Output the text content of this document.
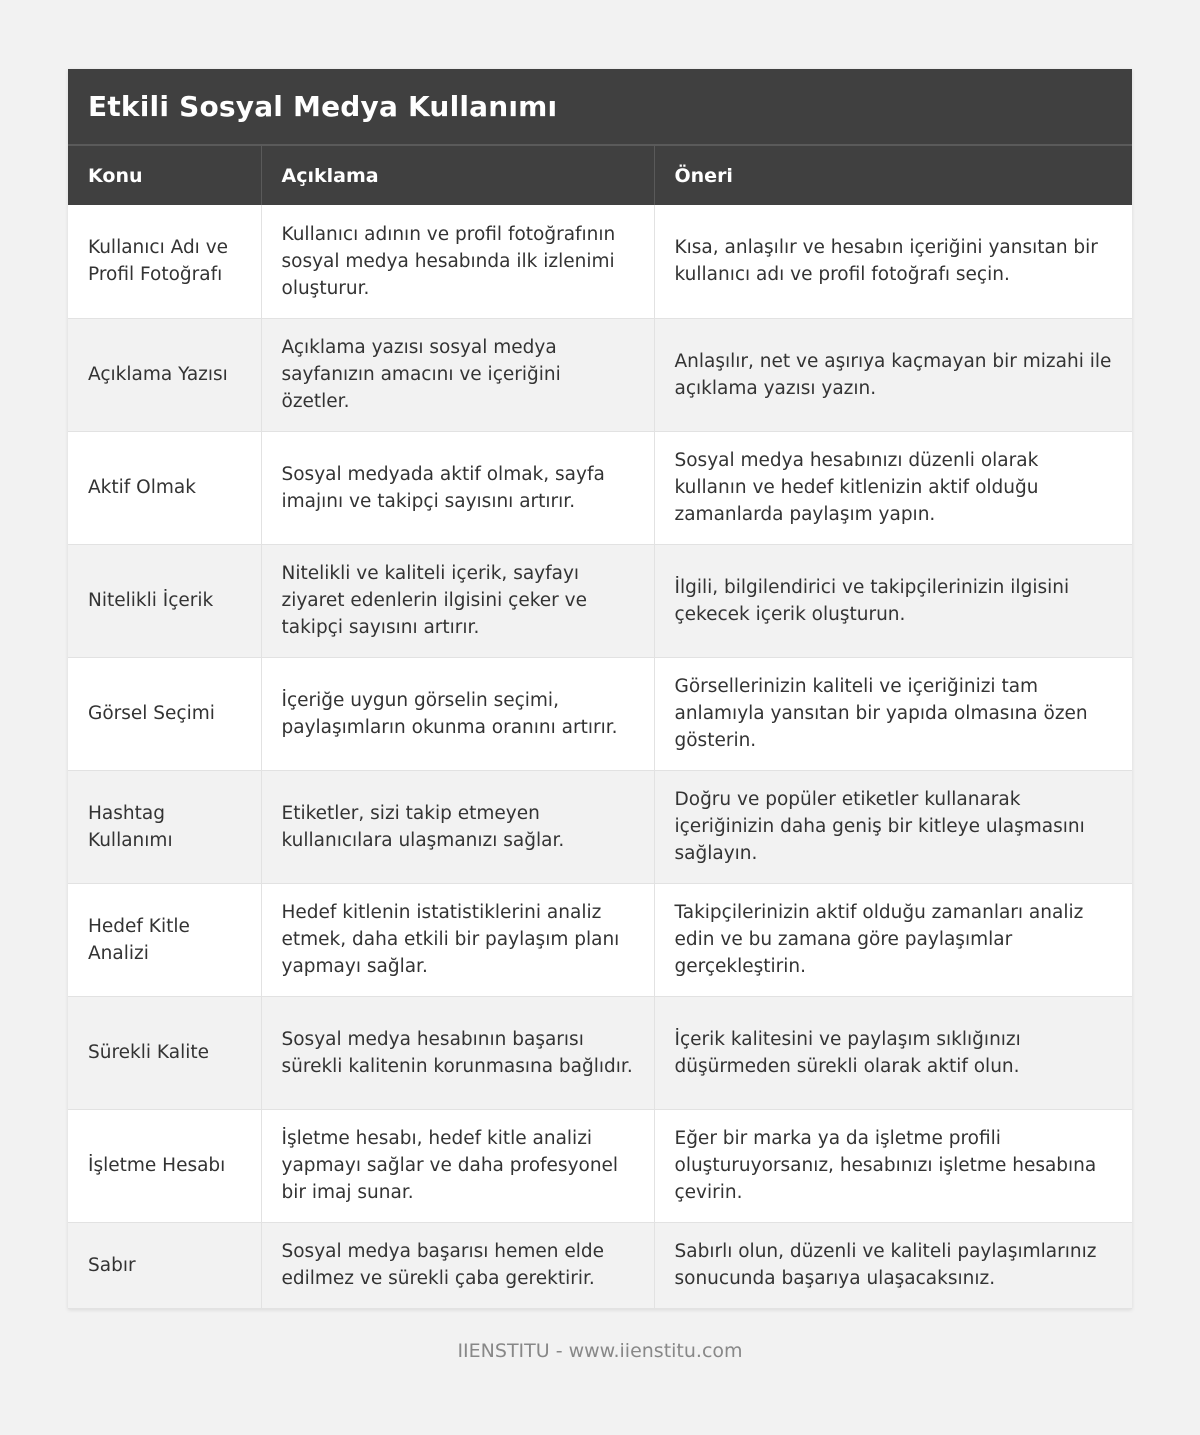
Etkili Sosyal Medya Kullanımı
Konu	Açıklama	Öneri
Kullanıcı Adı ve Profil Fotoğrafı	Kullanıcı adının ve profil fotoğrafının sosyal medya hesabında ilk izlenimi oluşturur.	Kısa, anlaşılır ve hesabın içeriğini yansıtan bir kullanıcı adı ve profil fotoğrafı seçin.
Açıklama Yazısı	Açıklama yazısı sosyal medya sayfanızın amacını ve içeriğini özetler.	Anlaşılır, net ve aşırıya kaçmayan bir mizahi ile açıklama yazısı yazın.
Aktif Olmak	Sosyal medyada aktif olmak, sayfa imajını ve takipçi sayısını artırır.	Sosyal medya hesabınızı düzenli olarak kullanın ve hedef kitlenizin aktif olduğu zamanlarda paylaşım yapın.
Nitelikli İçerik	Nitelikli ve kaliteli içerik, sayfayı ziyaret edenlerin ilgisini çeker ve takipçi sayısını artırır.	İlgili, bilgilendirici ve takipçilerinizin ilgisini çekecek içerik oluşturun.
Görsel Seçimi	İçeriğe uygun görselin seçimi, paylaşımların okunma oranını artırır.	Görsellerinizin kaliteli ve içeriğinizi tam anlamıyla yansıtan bir yapıda olmasına özen gösterin.
Hashtag Kullanımı	Etiketler, sizi takip etmeyen kullanıcılara ulaşmanızı sağlar.	Doğru ve popüler etiketler kullanarak içeriğinizin daha geniş bir kitleye ulaşmasını sağlayın.
Hedef Kitle Analizi	Hedef kitlenin istatistiklerini analiz etmek, daha etkili bir paylaşım planı yapmayı sağlar.	Takipçilerinizin aktif olduğu zamanları analiz edin ve bu zamana göre paylaşımlar gerçekleştirin.
Sürekli Kalite	Sosyal medya hesabının başarısı sürekli kalitenin korunmasına bağlıdır.	İçerik kalitesini ve paylaşım sıklığınızı düşürmeden sürekli olarak aktif olun.
İşletme Hesabı	İşletme hesabı, hedef kitle analizi yapmayı sağlar ve daha profesyonel bir imaj sunar.	Eğer bir marka ya da işletme profili oluşturuyorsanız, hesabınızı işletme hesabına çevirin.
Sabır	Sosyal medya başarısı hemen elde edilmez ve sürekli çaba gerektirir.	Sabırlı olun, düzenli ve kaliteli paylaşımlarınız sonucunda başarıya ulaşacaksınız.
IIENSTITU - www.iienstitu.com
